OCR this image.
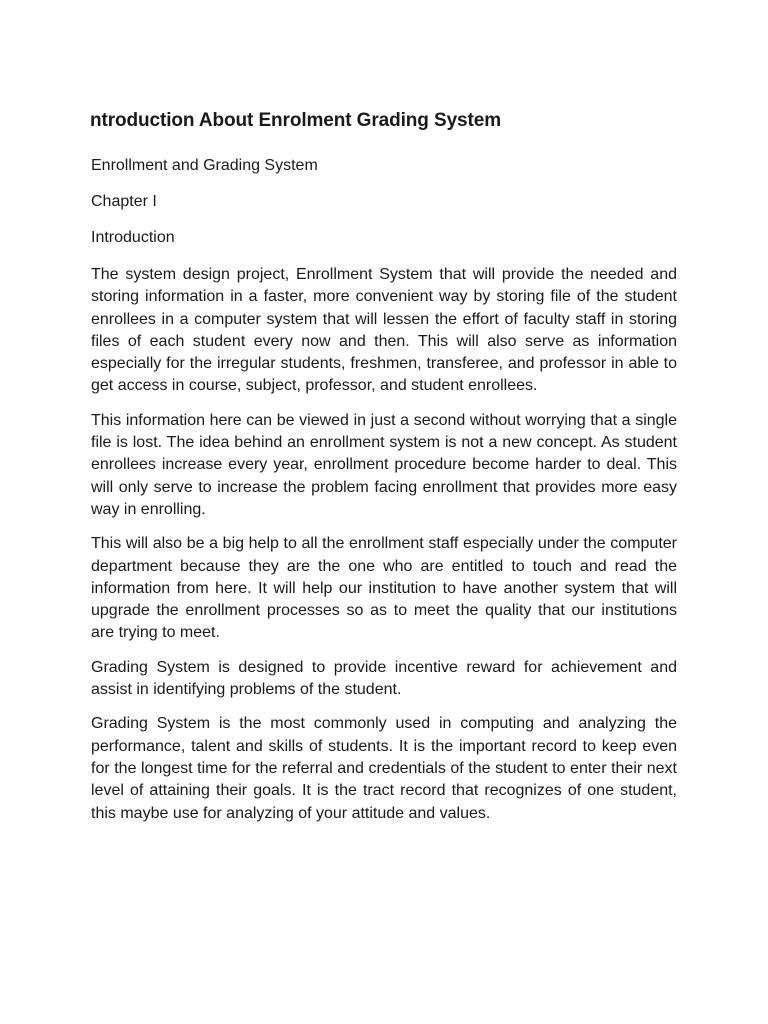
ntroduction About Enrolment Grading System

Enrollment and Grading System

Chapter I

Introduction

The system design project, Enrollment System that will provide the needed and storing information in a faster, more convenient way by storing file of the student enrollees in a computer system that will lessen the effort of faculty staff in storing files of each student every now and then. This will also serve as information especially for the irregular students, freshmen, transferee, and professor in able to get access in course, subject, professor, and student enrollees.

This information here can be viewed in just a second without worrying that a single file is lost. The idea behind an enrollment system is not a new concept. As student enrollees increase every year, enrollment procedure become harder to deal. This will only serve to increase the problem facing enrollment that provides more easy way in enrolling.

This will also be a big help to all the enrollment staff especially under the computer department because they are the one who are entitled to touch and read the information from here. It will help our institution to have another system that will upgrade the enrollment processes so as to meet the quality that our institutions are trying to meet.

Grading System is designed to provide incentive reward for achievement and assist in identifying problems of the student.

Grading System is the most commonly used in computing and analyzing the performance, talent and skills of students. It is the important record to keep even for the longest time for the referral and credentials of the student to enter their next level of attaining their goals. It is the tract record that recognizes of one student, this maybe use for analyzing of your attitude and values.
